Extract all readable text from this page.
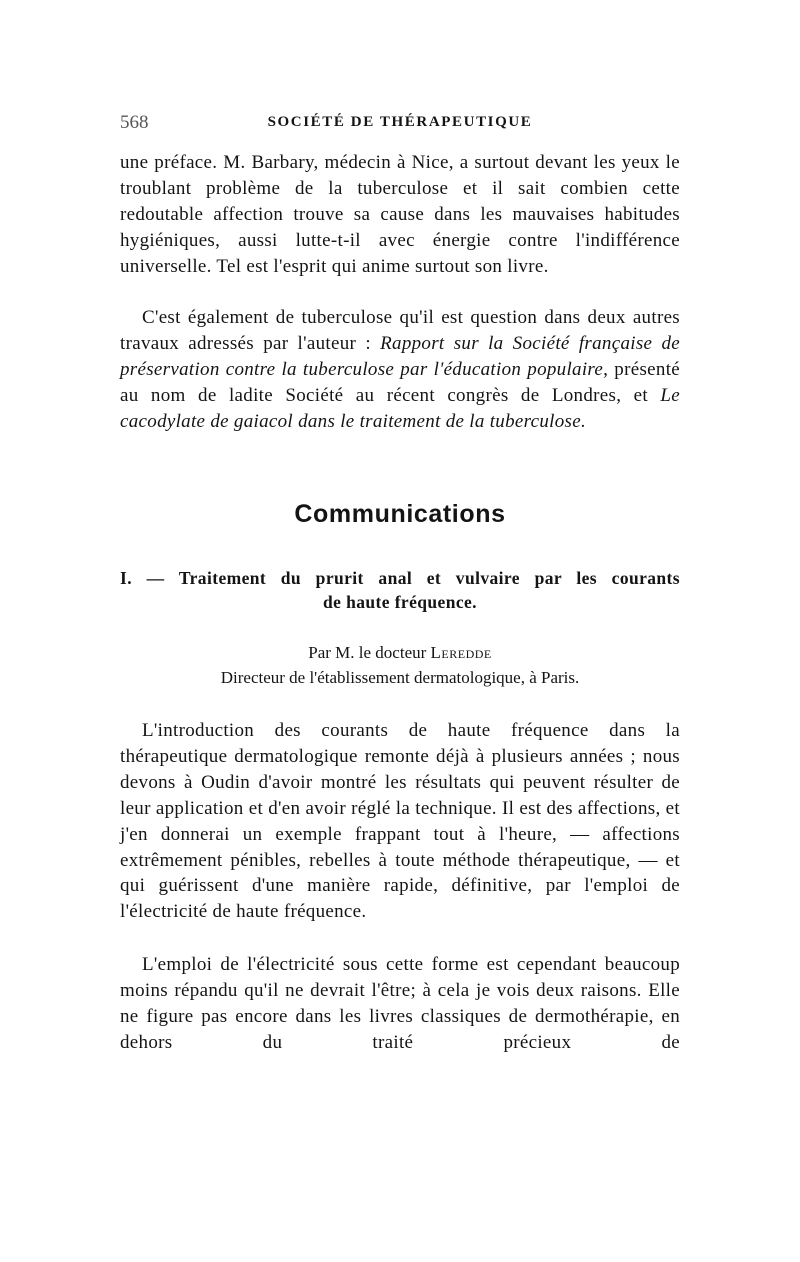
568	SOCIÉTÉ DE THÉRAPEUTIQUE

une préface. M. Barbary, médecin à Nice, a surtout devant les yeux le troublant problème de la tuberculose et il sait combien cette redoutable affection trouve sa cause dans les mauvaises habitudes hygiéniques, aussi lutte-t-il avec énergie contre l'indifférence universelle. Tel est l'esprit qui anime surtout son livre.

C'est également de tuberculose qu'il est question dans deux autres travaux adressés par l'auteur : Rapport sur la Société française de préservation contre la tuberculose par l'éducation populaire, présenté au nom de ladite Société au récent congrès de Londres, et Le cacodylate de gaiacol dans le traitement de la tuberculose.

Communications
I. — Traitement du prurit anal et vulvaire par les courants
de haute fréquence.
Par M. le docteur Leredde
Directeur de l'établissement dermatologique, à Paris.

L'introduction des courants de haute fréquence dans la thérapeutique dermatologique remonte déjà à plusieurs années ; nous devons à Oudin d'avoir montré les résultats qui peuvent résulter de leur application et d'en avoir réglé la technique. Il est des affections, et j'en donnerai un exemple frappant tout à l'heure, — affections extrêmement pénibles, rebelles à toute méthode thérapeutique, — et qui guérissent d'une manière rapide, définitive, par l'emploi de l'électricité de haute fréquence.

L'emploi de l'électricité sous cette forme est cependant beaucoup moins répandu qu'il ne devrait l'être; à cela je vois deux raisons. Elle ne figure pas encore dans les livres classiques de dermothérapie, en dehors du traité précieux de
